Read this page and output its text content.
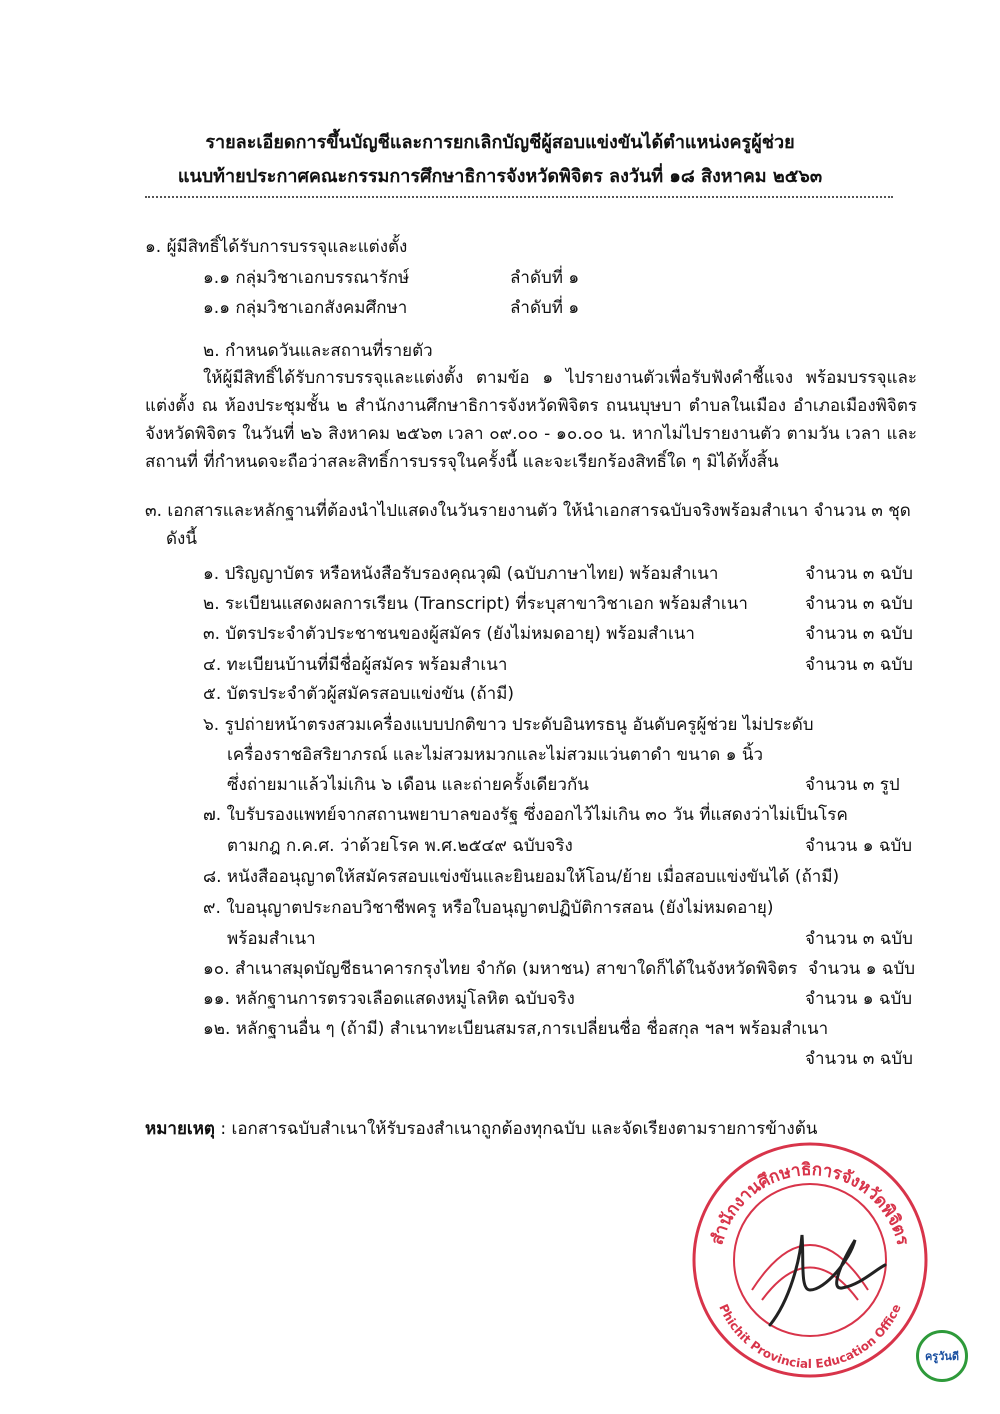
รายละเอียดการขึ้นบัญชีและการยกเลิกบัญชีผู้สอบแข่งขันได้ตำแหน่งครูผู้ช่วย
แนบท้ายประกาศคณะกรรมการศึกษาธิการจังหวัดพิจิตร ลงวันที่ ๑๘ สิงหาคม ๒๕๖๓
๑. ผู้มีสิทธิ์ได้รับการบรรจุและแต่งตั้ง
๑.๑ กลุ่มวิชาเอกบรรณารักษ์	ลำดับที่ ๑
๑.๑ กลุ่มวิชาเอกสังคมศึกษา	ลำดับที่ ๑
๒. กำหนดวันและสถานที่รายตัว
ให้ผู้มีสิทธิ์ได้รับการบรรจุและแต่งตั้ง ตามข้อ ๑ ไปรายงานตัวเพื่อรับฟังคำชี้แจง พร้อมบรรจุและแต่งตั้ง ณ ห้องประชุมชั้น ๒ สำนักงานศึกษาธิการจังหวัดพิจิตร ถนนบุษบา ตำบลในเมือง อำเภอเมืองพิจิตร จังหวัดพิจิตร ในวันที่ ๒๖ สิงหาคม ๒๕๖๓ เวลา ๐๙.๐๐ - ๑๐.๐๐ น. หากไม่ไปรายงานตัว ตามวัน เวลา และสถานที่ ที่กำหนดจะถือว่าสละสิทธิ์การบรรจุในครั้งนี้ และจะเรียกร้องสิทธิ์ใด ๆ มิได้ทั้งสิ้น
๓. เอกสารและหลักฐานที่ต้องนำไปแสดงในวันรายงานตัว ให้นำเอกสารฉบับจริงพร้อมสำเนา จำนวน ๓ ชุด
ดังนี้
๑. ปริญญาบัตร หรือหนังสือรับรองคุณวุฒิ (ฉบับภาษาไทย) พร้อมสำเนา	จำนวน ๓ ฉบับ
๒. ระเบียนแสดงผลการเรียน (Transcript) ที่ระบุสาขาวิชาเอก พร้อมสำเนา	จำนวน ๓ ฉบับ
๓. บัตรประจำตัวประชาชนของผู้สมัคร (ยังไม่หมดอายุ) พร้อมสำเนา	จำนวน ๓ ฉบับ
๔. ทะเบียนบ้านที่มีชื่อผู้สมัคร พร้อมสำเนา	จำนวน ๓ ฉบับ
๕. บัตรประจำตัวผู้สมัครสอบแข่งขัน (ถ้ามี)
๖. รูปถ่ายหน้าตรงสวมเครื่องแบบปกติขาว ประดับอินทรธนู อันดับครูผู้ช่วย ไม่ประดับ
เครื่องราชอิสริยาภรณ์ และไม่สวมหมวกและไม่สวมแว่นตาดำ ขนาด ๑ นิ้ว
ซึ่งถ่ายมาแล้วไม่เกิน ๖ เดือน และถ่ายครั้งเดียวกัน	จำนวน ๓ รูป
๗. ใบรับรองแพทย์จากสถานพยาบาลของรัฐ ซึ่งออกไว้ไม่เกิน ๓๐ วัน ที่แสดงว่าไม่เป็นโรค
ตามกฎ ก.ค.ศ. ว่าด้วยโรค พ.ศ.๒๕๔๙ ฉบับจริง	จำนวน ๑ ฉบับ
๘. หนังสืออนุญาตให้สมัครสอบแข่งขันและยินยอมให้โอน/ย้าย เมื่อสอบแข่งขันได้ (ถ้ามี)
๙. ใบอนุญาตประกอบวิชาชีพครู หรือใบอนุญาตปฏิบัติการสอน (ยังไม่หมดอายุ)
พร้อมสำเนา	จำนวน ๓ ฉบับ
๑๐. สำเนาสมุดบัญชีธนาคารกรุงไทย จำกัด (มหาชน) สาขาใดก็ได้ในจังหวัดพิจิตร จำนวน ๑ ฉบับ
๑๑. หลักฐานการตรวจเลือดแสดงหมู่โลหิต ฉบับจริง	จำนวน ๑ ฉบับ
๑๒. หลักฐานอื่น ๆ (ถ้ามี) สำเนาทะเบียนสมรส,การเปลี่ยนชื่อ ชื่อสกุล ฯลฯ พร้อมสำเนา
จำนวน ๓ ฉบับ
หมายเหตุ : เอกสารฉบับสำเนาให้รับรองสำเนาถูกต้องทุกฉบับ และจัดเรียงตามรายการข้างต้น
สำนักงานศึกษาธิการจังหวัดพิจิตร
Phichit Provincial Education Office
ครูวันดี
